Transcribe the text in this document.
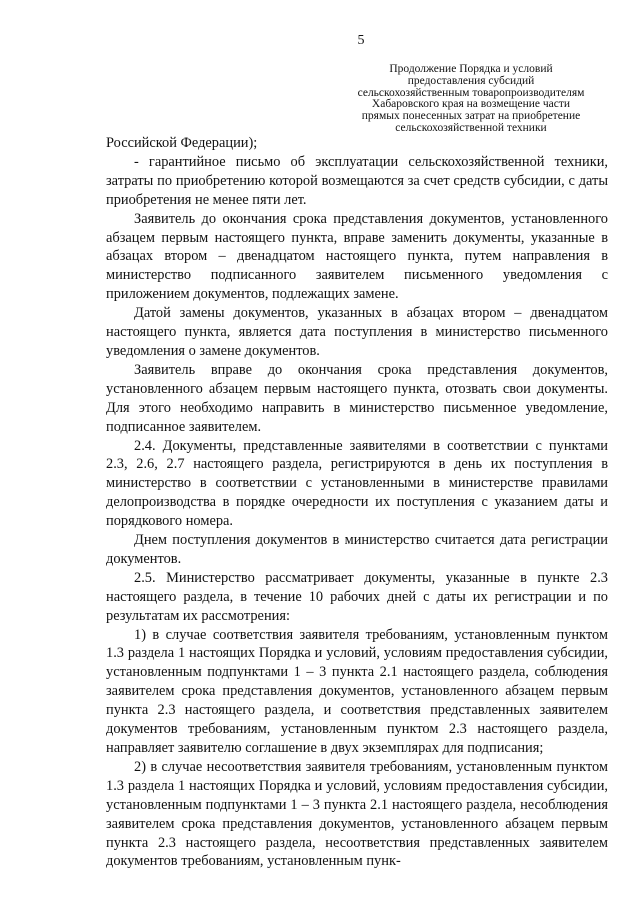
5
Продолжение Порядка и условий
предоставления субсидий
сельскохозяйственным товаропроизводителям
Хабаровского края на возмещение части
прямых понесенных затрат на приобретение
сельскохозяйственной техники

Российской Федерации);

- гарантийное письмо об эксплуатации сельскохозяйственной техники, затраты по приобретению которой возмещаются за счет средств субсидии, с даты приобретения не менее пяти лет.

Заявитель до окончания срока представления документов, установленного абзацем первым настоящего пункта, вправе заменить документы, указанные в абзацах втором – двенадцатом настоящего пункта, путем направления в министерство подписанного заявителем письменного уведомления с приложением документов, подлежащих замене.

Датой замены документов, указанных в абзацах втором – двенадцатом настоящего пункта, является дата поступления в министерство письменного уведомления о замене документов.

Заявитель вправе до окончания срока представления документов, установленного абзацем первым настоящего пункта, отозвать свои документы. Для этого необходимо направить в министерство письменное уведомление, подписанное заявителем.

2.4. Документы, представленные заявителями в соответствии с пунктами 2.3, 2.6, 2.7 настоящего раздела, регистрируются в день их поступления в министерство в соответствии с установленными в министерстве правилами делопроизводства в порядке очередности их поступления с указанием даты и порядкового номера.

Днем поступления документов в министерство считается дата регистрации документов.

2.5. Министерство рассматривает документы, указанные в пункте 2.3 настоящего раздела, в течение 10 рабочих дней с даты их регистрации и по результатам их рассмотрения:

1) в случае соответствия заявителя требованиям, установленным пунктом 1.3 раздела 1 настоящих Порядка и условий, условиям предоставления субсидии, установленным подпунктами 1 – 3 пункта 2.1 настоящего раздела, соблюдения заявителем срока представления документов, установленного абзацем первым пункта 2.3 настоящего раздела, и соответствия представленных заявителем документов требованиям, установленным пунктом 2.3 настоящего раздела, направляет заявителю соглашение в двух экземплярах для подписания;

2) в случае несоответствия заявителя требованиям, установленным пунктом 1.3 раздела 1 настоящих Порядка и условий, условиям предоставления субсидии, установленным подпунктами 1 – 3 пункта 2.1 настоящего раздела, несоблюдения заявителем срока представления документов, установленного абзацем первым пункта 2.3 настоящего раздела, несоответствия представленных заявителем документов требованиям, установленным пунк-
